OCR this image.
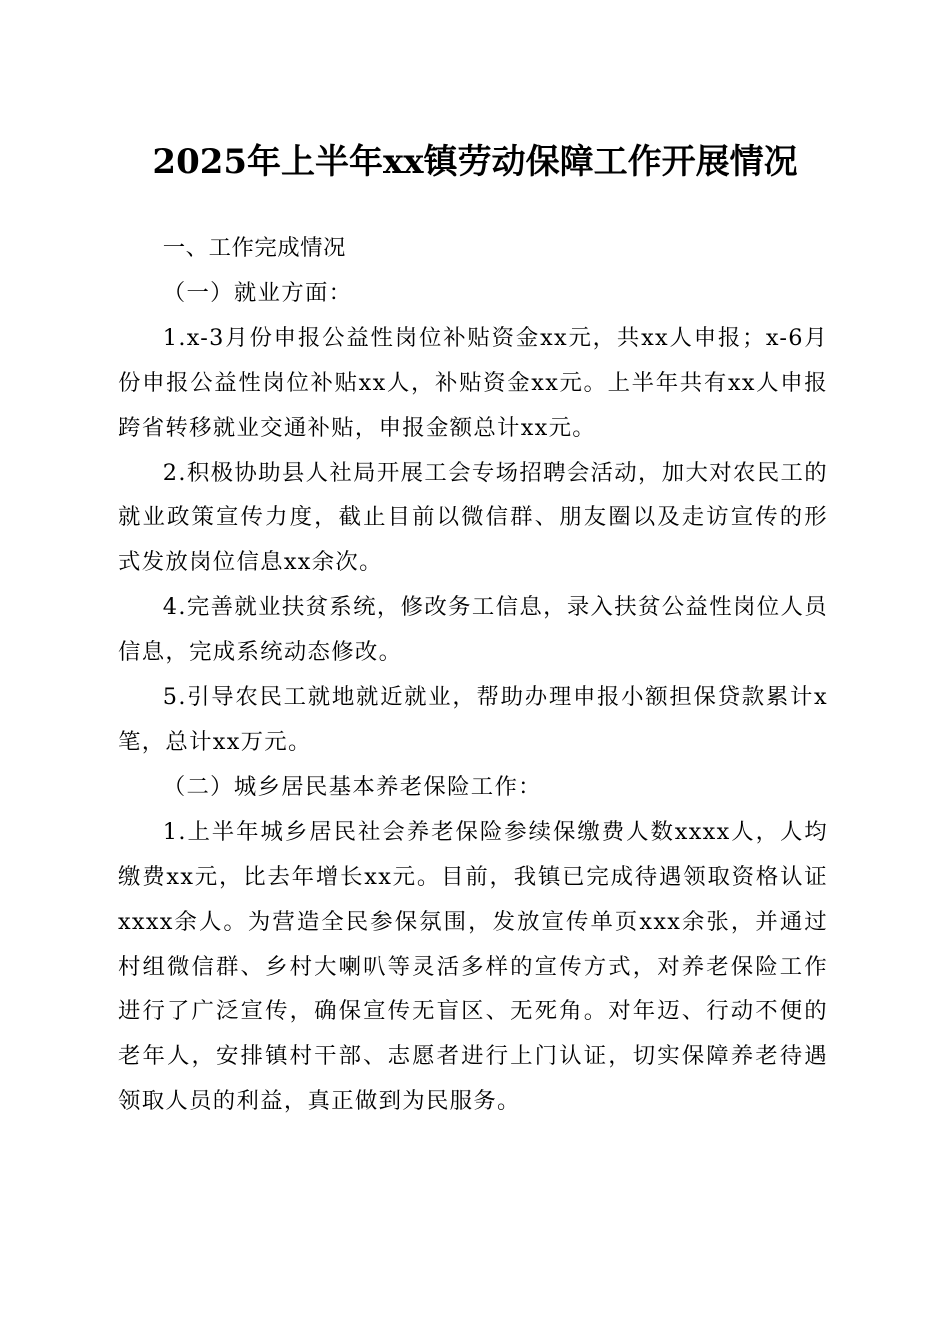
2025年上半年xx镇劳动保障工作开展情况

一、工作完成情况

（一）就业方面：

1.x-3月份申报公益性岗位补贴资金xx元，共xx人申报；x-6月份申报公益性岗位补贴xx人，补贴资金xx元。上半年共有xx人申报跨省转移就业交通补贴，申报金额总计xx元。

2.积极协助县人社局开展工会专场招聘会活动，加大对农民工的就业政策宣传力度，截止目前以微信群、朋友圈以及走访宣传的形式发放岗位信息xx余次。

4.完善就业扶贫系统，修改务工信息，录入扶贫公益性岗位人员信息，完成系统动态修改。

5.引导农民工就地就近就业，帮助办理申报小额担保贷款累计x笔，总计xx万元。

（二）城乡居民基本养老保险工作：

1.上半年城乡居民社会养老保险参续保缴费人数xxxx人，人均缴费xx元，比去年增长xx元。目前，我镇已完成待遇领取资格认证xxxx余人。为营造全民参保氛围，发放宣传单页xxx余张，并通过村组微信群、乡村大喇叭等灵活多样的宣传方式，对养老保险工作进行了广泛宣传，确保宣传无盲区、无死角。对年迈、行动不便的老年人，安排镇村干部、志愿者进行上门认证，切实保障养老待遇领取人员的利益，真正做到为民服务。
